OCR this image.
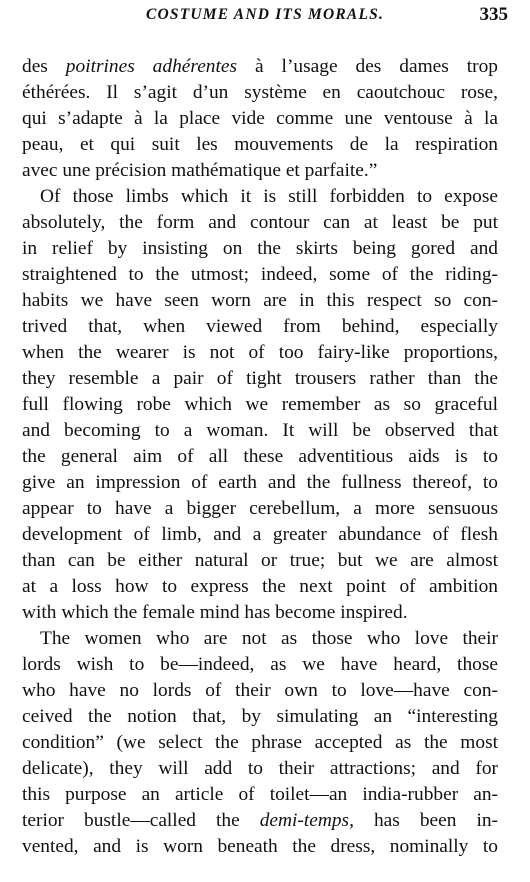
COSTUME AND ITS MORALS.	335
des poitrines adhérentes à l’usage des dames trop
éthérées. Il s’agit d’un système en caoutchouc rose,
qui s’adapte à la place vide comme une ventouse à la
peau, et qui suit les mouvements de la respiration
avec une précision mathématique et parfaite.”
Of those limbs which it is still forbidden to expose
absolutely, the form and contour can at least be put
in relief by insisting on the skirts being gored and
straightened to the utmost; indeed, some of the riding-
habits we have seen worn are in this respect so con-
trived that, when viewed from behind, especially
when the wearer is not of too fairy-like proportions,
they resemble a pair of tight trousers rather than the
full flowing robe which we remember as so graceful
and becoming to a woman. It will be observed that
the general aim of all these adventitious aids is to
give an impression of earth and the fullness thereof, to
appear to have a bigger cerebellum, a more sensuous
development of limb, and a greater abundance of flesh
than can be either natural or true; but we are almost
at a loss how to express the next point of ambition
with which the female mind has become inspired.
The women who are not as those who love their
lords wish to be—indeed, as we have heard, those
who have no lords of their own to love—have con-
ceived the notion that, by simulating an “interesting
condition” (we select the phrase accepted as the most
delicate), they will add to their attractions; and for
this purpose an article of toilet—an india-rubber an-
terior bustle—called the demi-temps, has been in-
vented, and is worn beneath the dress, nominally to
